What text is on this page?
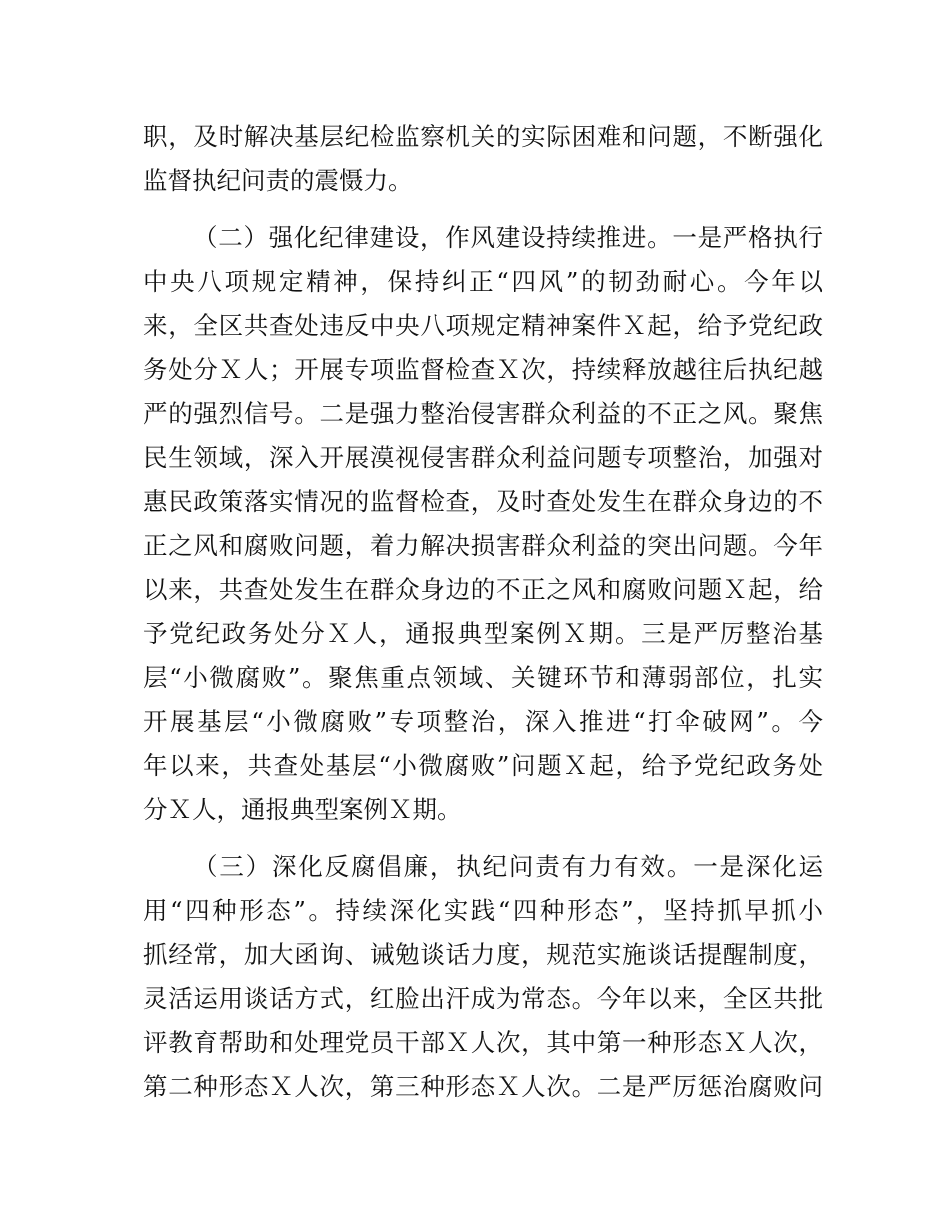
职，及时解决基层纪检监察机关的实际困难和问题，不断强化
监督执纪问责的震慑力。
（二）强化纪律建设，作风建设持续推进。一是严格执行
中央八项规定精神，保持纠正“四风”的韧劲耐心。今年以
来，全区共查处违反中央八项规定精神案件Ｘ起，给予党纪政
务处分Ｘ人；开展专项监督检查Ｘ次，持续释放越往后执纪越
严的强烈信号。二是强力整治侵害群众利益的不正之风。聚焦
民生领域，深入开展漠视侵害群众利益问题专项整治，加强对
惠民政策落实情况的监督检查，及时查处发生在群众身边的不
正之风和腐败问题，着力解决损害群众利益的突出问题。今年
以来，共查处发生在群众身边的不正之风和腐败问题Ｘ起，给
予党纪政务处分Ｘ人，通报典型案例Ｘ期。三是严厉整治基
层“小微腐败”。聚焦重点领域、关键环节和薄弱部位，扎实
开展基层“小微腐败”专项整治，深入推进“打伞破网”。今
年以来，共查处基层“小微腐败”问题Ｘ起，给予党纪政务处
分Ｘ人，通报典型案例Ｘ期。
（三）深化反腐倡廉，执纪问责有力有效。一是深化运
用“四种形态”。持续深化实践“四种形态”，坚持抓早抓小
抓经常，加大函询、诫勉谈话力度，规范实施谈话提醒制度，
灵活运用谈话方式，红脸出汗成为常态。今年以来，全区共批
评教育帮助和处理党员干部Ｘ人次，其中第一种形态Ｘ人次，
第二种形态Ｘ人次，第三种形态Ｘ人次。二是严厉惩治腐败问
